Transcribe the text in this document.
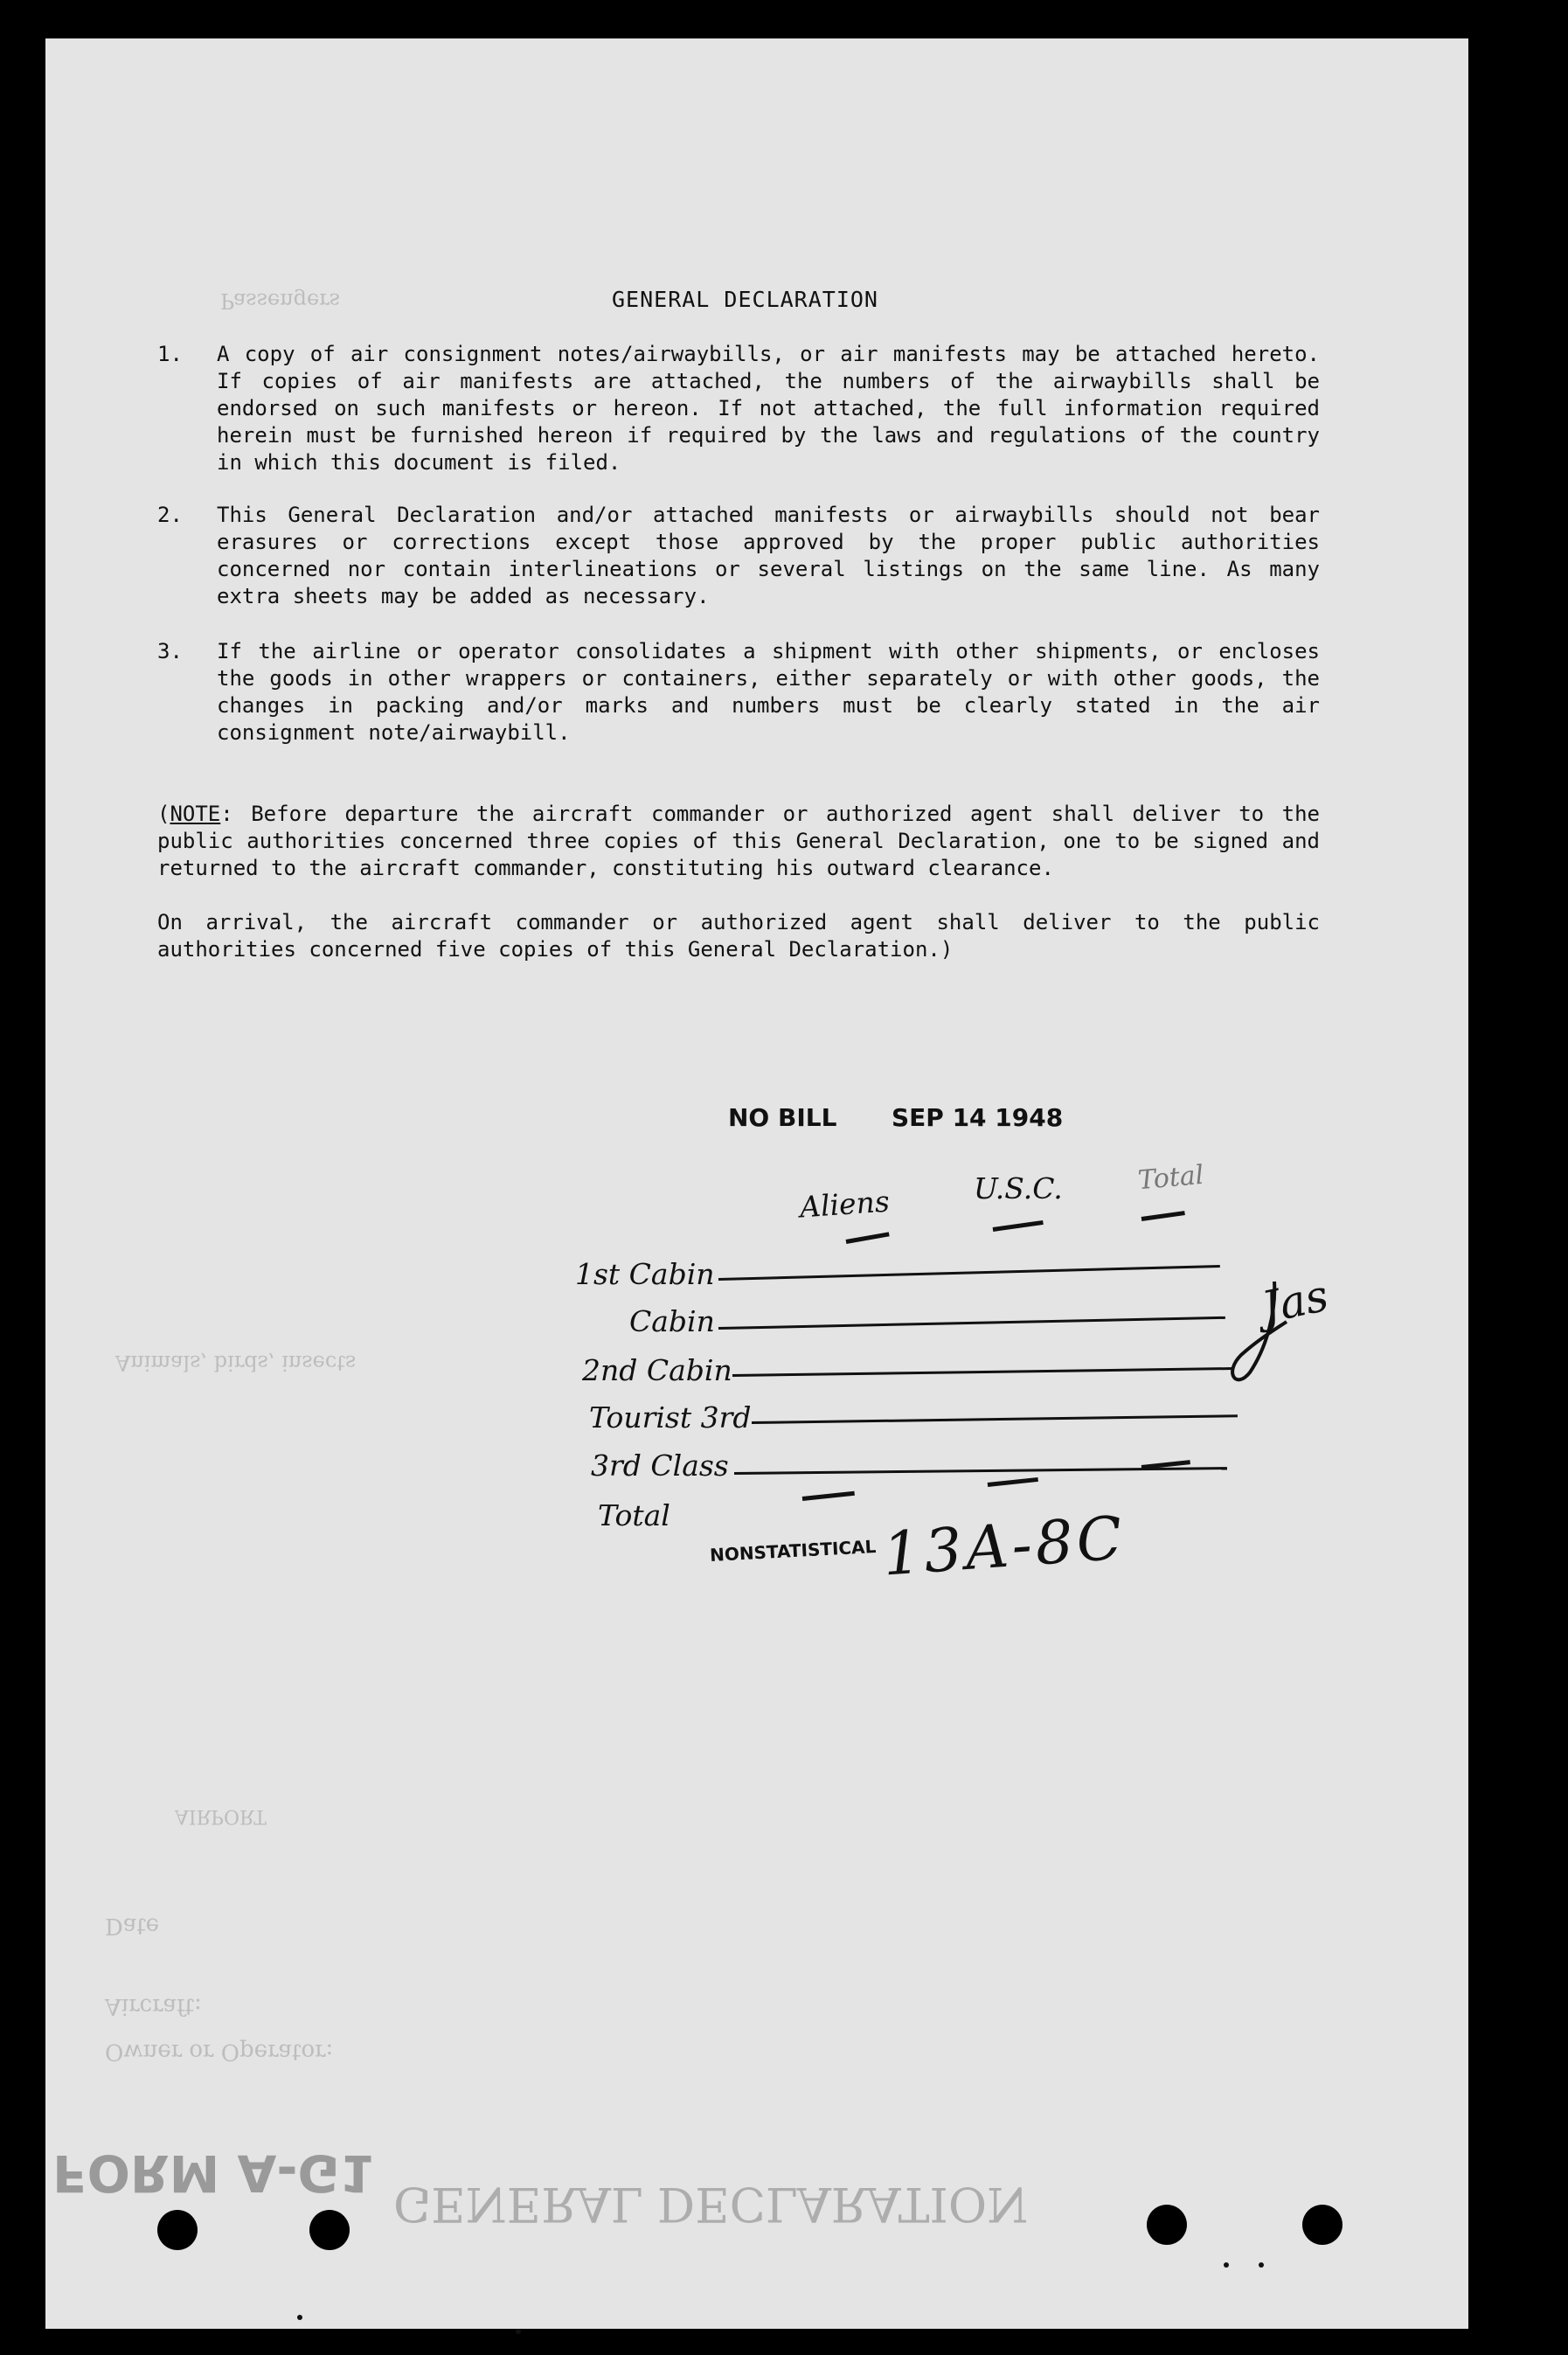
Passengers
Animals, birds, insects
Date
Aircraft:
Owner or Operator:
AIRPORT
FORM A-G1
GENERAL DECLARATION
GENERAL DECLARATION
1. A copy of air consignment notes/airwaybills, or air manifests may be attached hereto. If copies of air manifests are attached, the numbers of the airwaybills shall be endorsed on such manifests or hereon. If not attached, the full information required herein must be furnished hereon if required by the laws and regulations of the country in which this document is filed.
2. This General Declaration and/or attached manifests or airwaybills should not bear erasures or corrections except those approved by the proper public authorities concerned nor contain interlineations or several listings on the same line. As many extra sheets may be added as necessary.
3. If the airline or operator consolidates a shipment with other shipments, or encloses the goods in other wrappers or containers, either separately or with other goods, the changes in packing and/or marks and numbers must be clearly stated in the air consignment note/airwaybill.
(NOTE: Before departure the aircraft commander or authorized agent shall deliver to the public authorities concerned three copies of this General Declaration, one to be signed and returned to the aircraft commander, constituting his outward clearance.
On arrival, the aircraft commander or authorized agent shall deliver to the public authorities concerned five copies of this General Declaration.)
NO BILL SEP 14 1948
NONSTATISTICAL
Aliens	U.S.C.	Total
1st Cabin
Cabin
2nd Cabin
Tourist 3rd
3rd Class
Total	13A-8C
Jas
